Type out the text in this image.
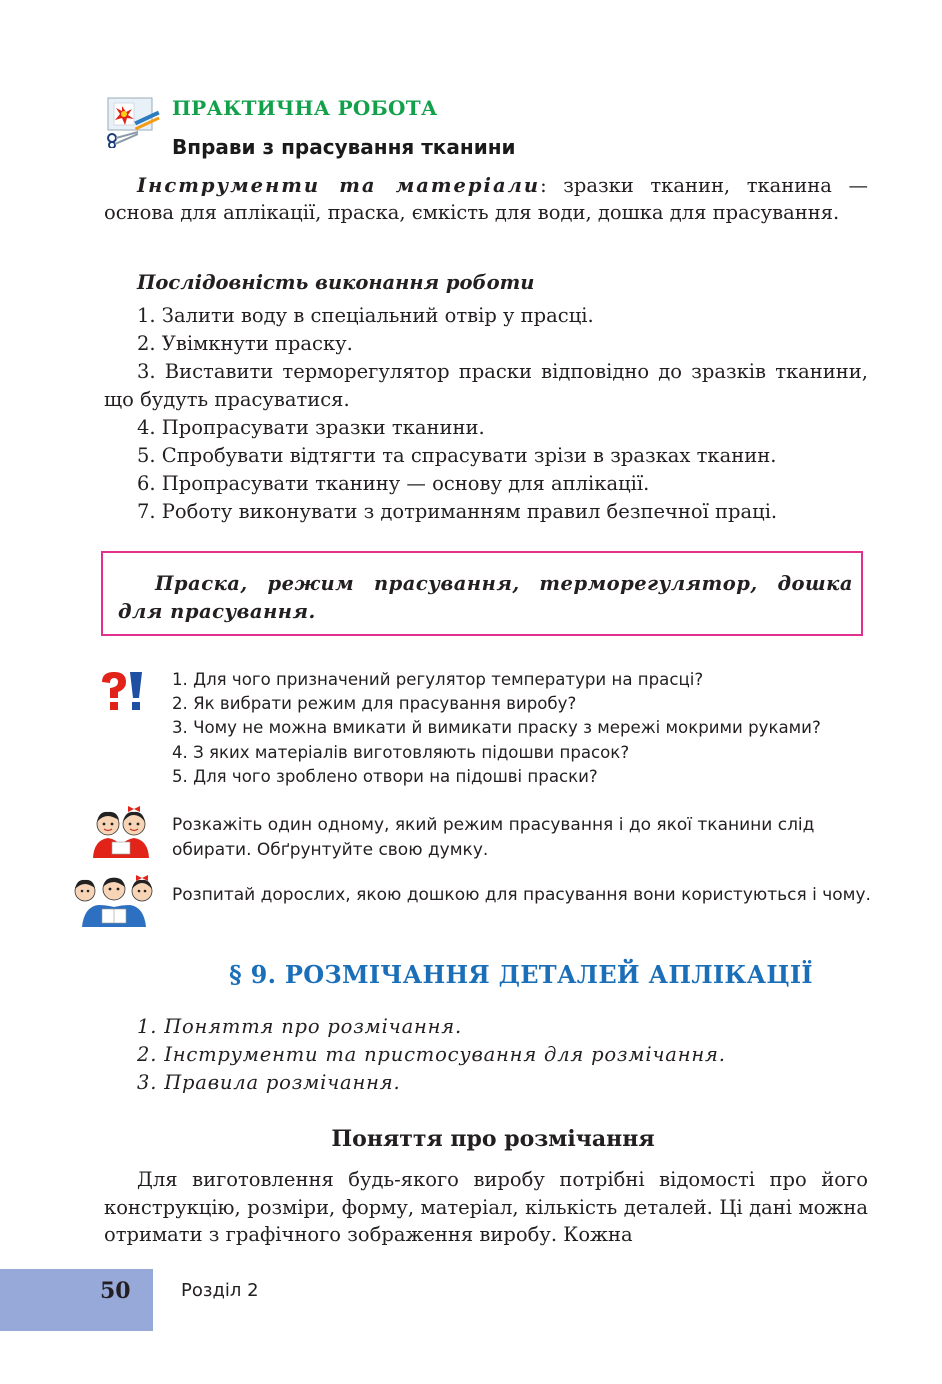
ПРАКТИЧНА РОБОТА
Вправи з прасування тканини
Інструменти та матеріали: зразки тканин, тканина — основа для аплікації, праска, ємкість для води, дошка для прасування.
Послідовність виконання роботи
1. Залити воду в спеціальний отвір у прасці.
2. Увімкнути праску.
3. Виставити терморегулятор праски відповідно до зразків тканини, що будуть прасуватися.
4. Пропрасувати зразки тканини.
5. Спробувати відтягти та спрасувати зрізи в зразках тканин.
6. Пропрасувати тканину — основу для аплікації.
7. Роботу виконувати з дотриманням правил безпечної праці.
Праска, режим прасування, терморегулятор, дошка для прасування.
1. Для чого призначений регулятор температури на прасці?
2. Як вибрати режим для прасування виробу?
3. Чому не можна вмикати й вимикати праску з мережі мокрими руками?
4. З яких матеріалів виготовляють підошви прасок?
5. Для чого зроблено отвори на підошві праски?
Розкажіть один одному, який режим прасування і до якої тканини слід обирати. Обґрунтуйте свою думку.
Розпитай дорослих, якою дошкою для прасування вони користуються і чому.
§ 9. РОЗМІЧАННЯ ДЕТАЛЕЙ АПЛІКАЦІЇ
1. Поняття про розмічання.
2. Інструменти та пристосування для розмічання.
3. Правила розмічання.
Поняття про розмічання
Для виготовлення будь-якого виробу потрібні відомості про його конструкцію, розміри, форму, матеріал, кількість деталей. Ці дані можна отримати з графічного зображення виробу. Кожна
50	Розділ 2
